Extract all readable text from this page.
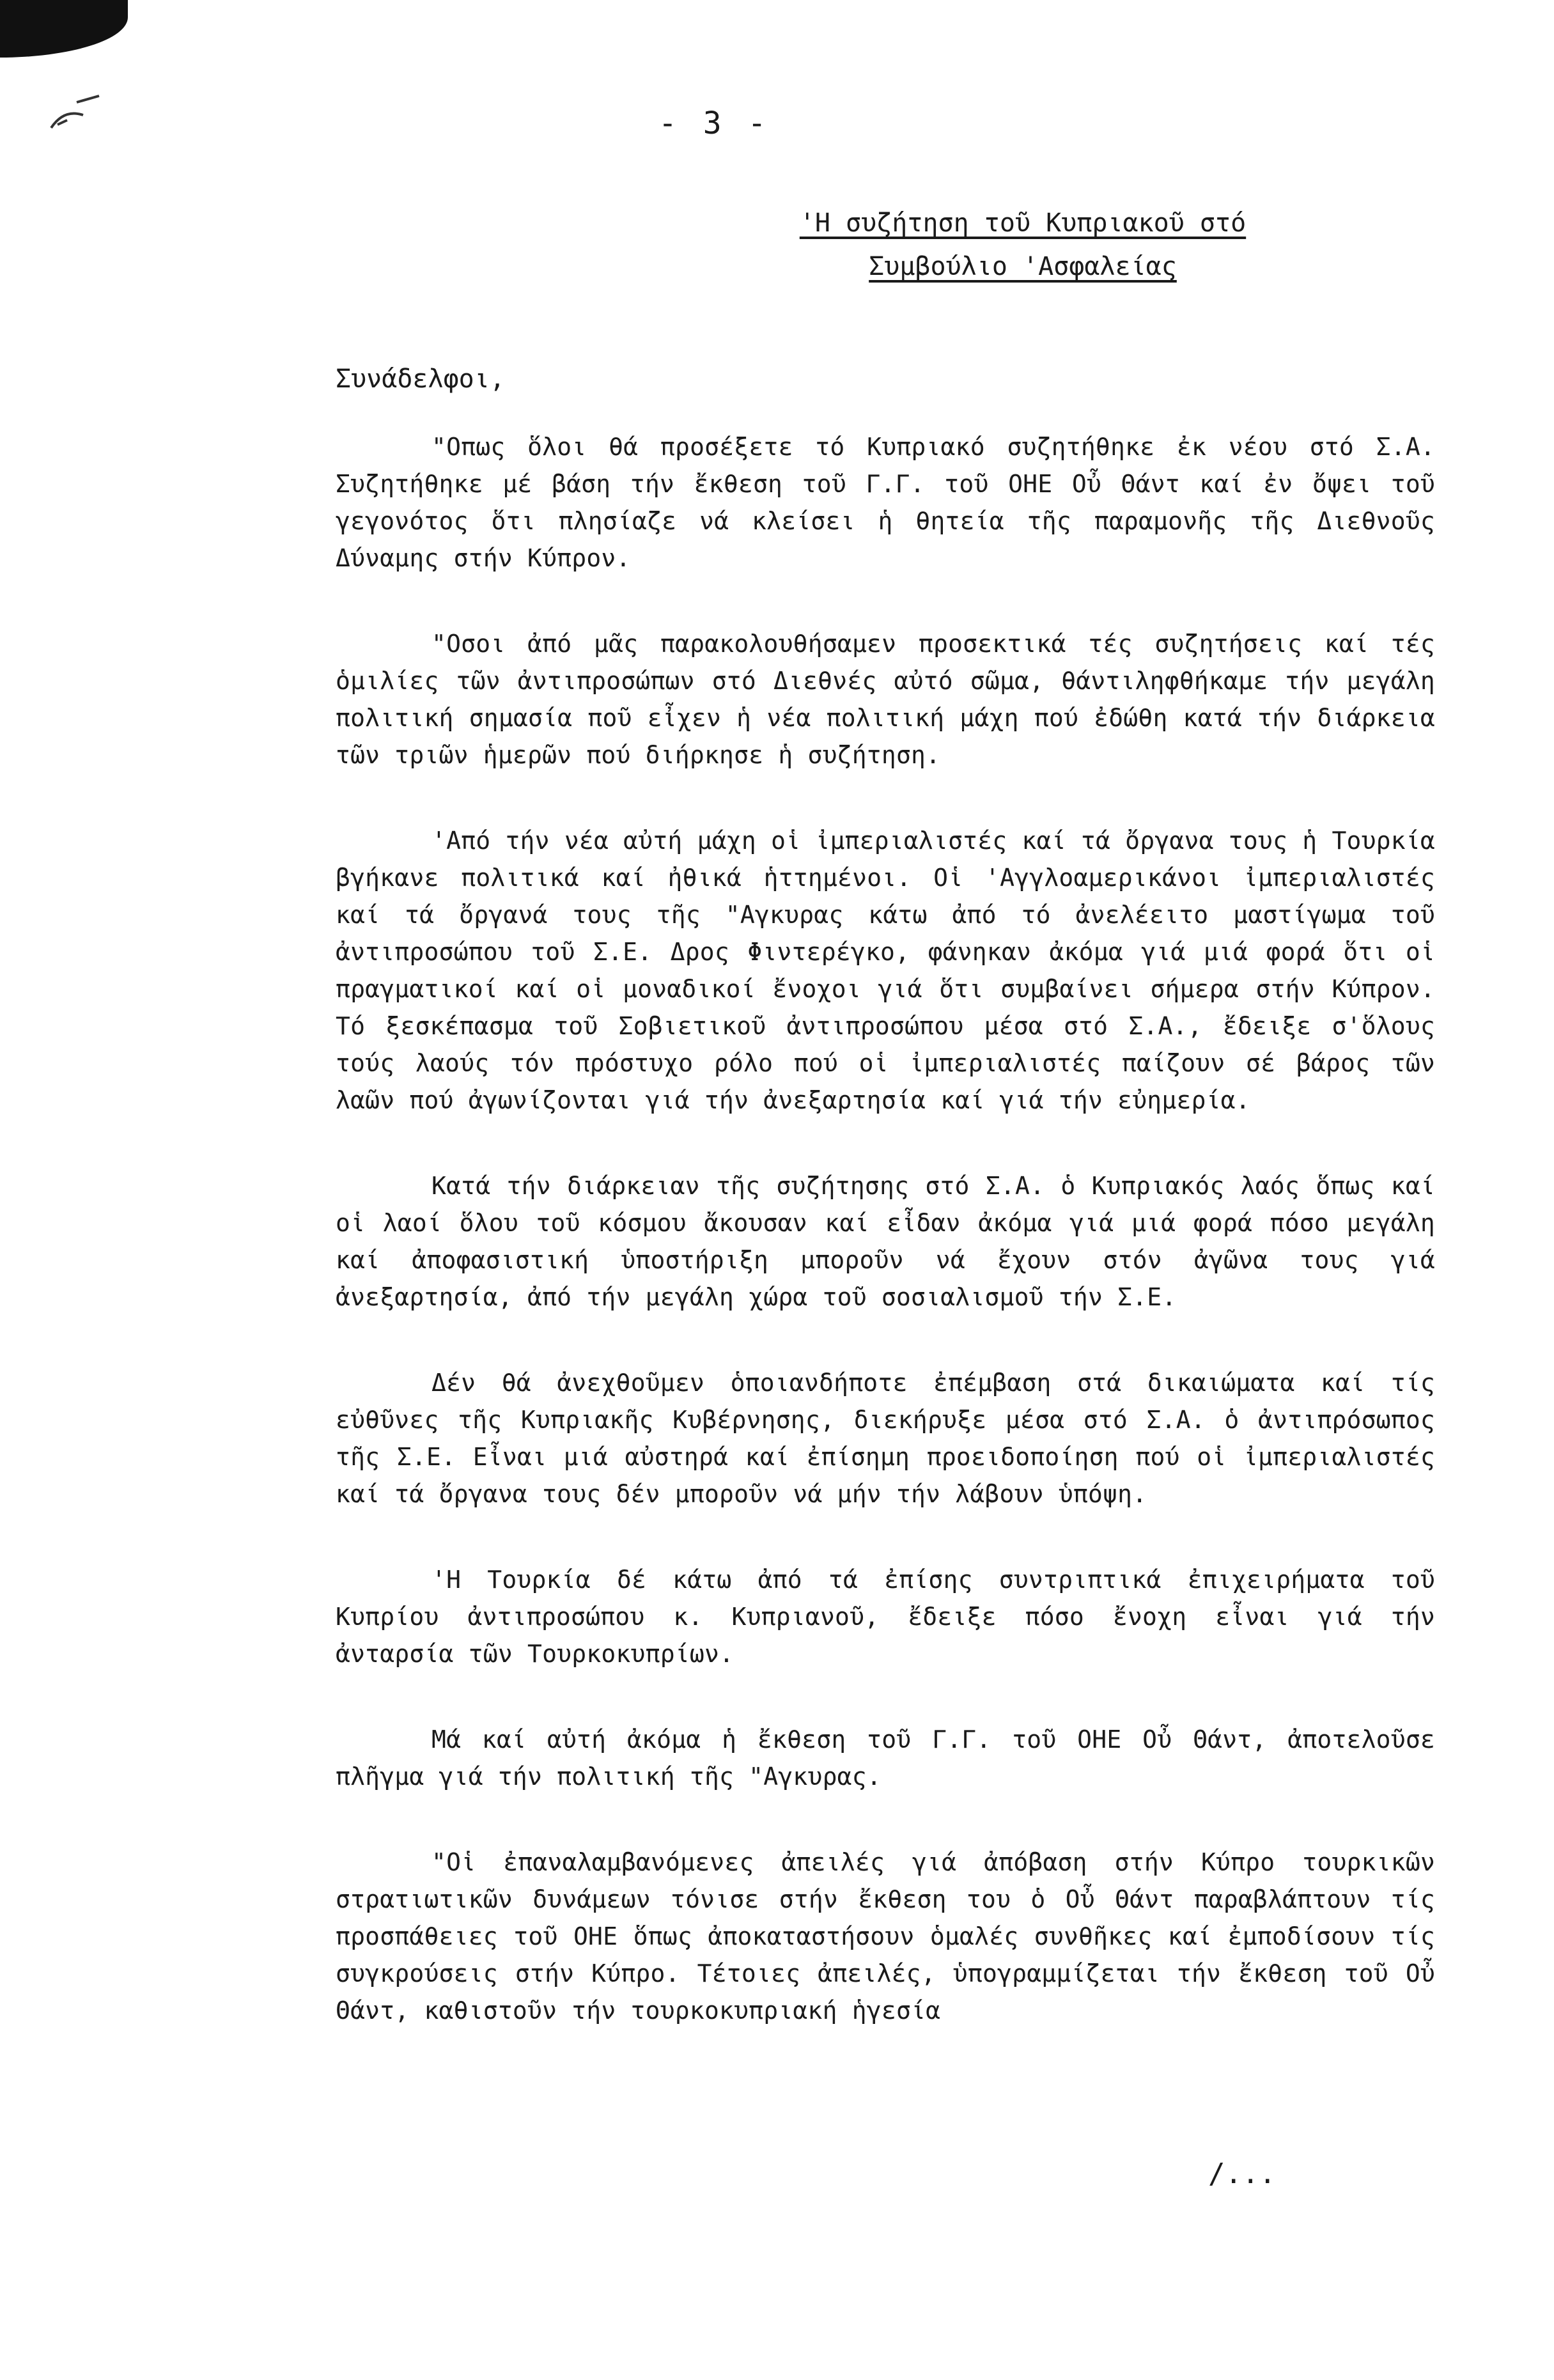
- 3 -
'Η συζήτηση τοῦ Κυπριακοῦ στό
Συμβούλιο 'Ασφαλείας
Συνάδελφοι,

"Οπως ὅλοι θά προσέξετε τό Κυπριακό συζητήθηκε ἐκ νέου στό Σ.Α. Συζητήθηκε μέ βάση τήν ἔκθεση τοῦ Γ.Γ. τοῦ ΟΗΕ Οὖ Θάντ καί ἐν ὄψει τοῦ γεγονότος ὅτι πλησίαζε νά κλείσει ἡ θητεία τῆς παραμονῆς τῆς Διεθνοῦς Δύναμης στήν Κύπρον.

"Οσοι ἀπό μᾶς παρακολουθήσαμεν προσεκτικά τές συζητήσεις καί τές ὁμιλίες τῶν ἀντιπροσώπων στό Διεθνές αὐτό σῶμα, θάντιληφθήκαμε τήν μεγάλη πολιτική σημασία ποῦ εἶχεν ἡ νέα πολιτική μάχη πού ἐδώθη κατά τήν διάρκεια τῶν τριῶν ἡμερῶν πού διήρκησε ἡ συζήτηση.

'Από τήν νέα αὐτή μάχη οἱ ἰμπεριαλιστές καί τά ὄργανα τους ἡ Τουρκία βγήκανε πολιτικά καί ἠθικά ἡττημένοι. Οἱ 'Αγγλοαμερικάνοι ἰμπεριαλιστές καί τά ὄργανά τους τῆς "Αγκυρας κάτω ἀπό τό ἀνελέειτο μαστίγωμα τοῦ ἀντιπροσώπου τοῦ Σ.Ε. Δρος Φιντερέγκο, φάνηκαν ἀκόμα γιά μιά φορά ὅτι οἱ πραγματικοί καί οἱ μοναδικοί ἔνοχοι γιά ὅτι συμβαίνει σήμερα στήν Κύπρον. Τό ξεσκέπασμα τοῦ Σοβιετικοῦ ἀντιπροσώπου μέσα στό Σ.Α., ἔδειξε σ'ὅλους τούς λαούς τόν πρόστυχο ρόλο πού οἱ ἰμπεριαλιστές παίζουν σέ βάρος τῶν λαῶν πού ἀγωνίζονται γιά τήν ἀνεξαρτησία καί γιά τήν εὐημερία.

Κατά τήν διάρκειαν τῆς συζήτησης στό Σ.Α. ὁ Κυπριακός λαός ὅπως καί οἱ λαοί ὅλου τοῦ κόσμου ἄκουσαν καί εἶδαν ἀκόμα γιά μιά φορά πόσο μεγάλη καί ἀποφασιστική ὑποστήριξη μποροῦν νά ἔχουν στόν ἀγῶνα τους γιά ἀνεξαρτησία, ἀπό τήν μεγάλη χώρα τοῦ σοσιαλισμοῦ τήν Σ.Ε.

Δέν θά ἀνεχθοῦμεν ὁποιανδήποτε ἐπέμβαση στά δικαιώματα καί τίς εὐθῦνες τῆς Κυπριακῆς Κυβέρνησης, διεκήρυξε μέσα στό Σ.Α. ὁ ἀντιπρόσωπος τῆς Σ.Ε. Εἶναι μιά αὐστηρά καί ἐπίσημη προειδοποίηση πού οἱ ἰμπεριαλιστές καί τά ὄργανα τους δέν μποροῦν νά μήν τήν λάβουν ὑπόψη.

'Η Τουρκία δέ κάτω ἀπό τά ἐπίσης συντριπτικά ἐπιχειρήματα τοῦ Κυπρίου ἀντιπροσώπου κ. Κυπριανοῦ, ἔδειξε πόσο ἔνοχη εἶναι γιά τήν ἀνταρσία τῶν Τουρκοκυπρίων.

Μά καί αὐτή ἀκόμα ἡ ἔκθεση τοῦ Γ.Γ. τοῦ ΟΗΕ Οὖ Θάντ, ἀποτελοῦσε πλῆγμα γιά τήν πολιτική τῆς "Αγκυρας.

"Οἱ ἐπαναλαμβανόμενες ἀπειλές γιά ἀπόβαση στήν Κύπρο τουρκικῶν στρατιωτικῶν δυνάμεων τόνισε στήν ἔκθεση του ὁ Οὖ Θάντ παραβλάπτουν τίς προσπάθειες τοῦ ΟΗΕ ὅπως ἀποκαταστήσουν ὁμαλές συνθῆκες καί ἐμποδίσουν τίς συγκρούσεις στήν Κύπρο. Τέτοιες ἀπειλές, ὑπογραμμίζεται τήν ἔκθεση τοῦ Οὖ Θάντ, καθιστοῦν τήν τουρκοκυπριακή ἡγεσία

/...
